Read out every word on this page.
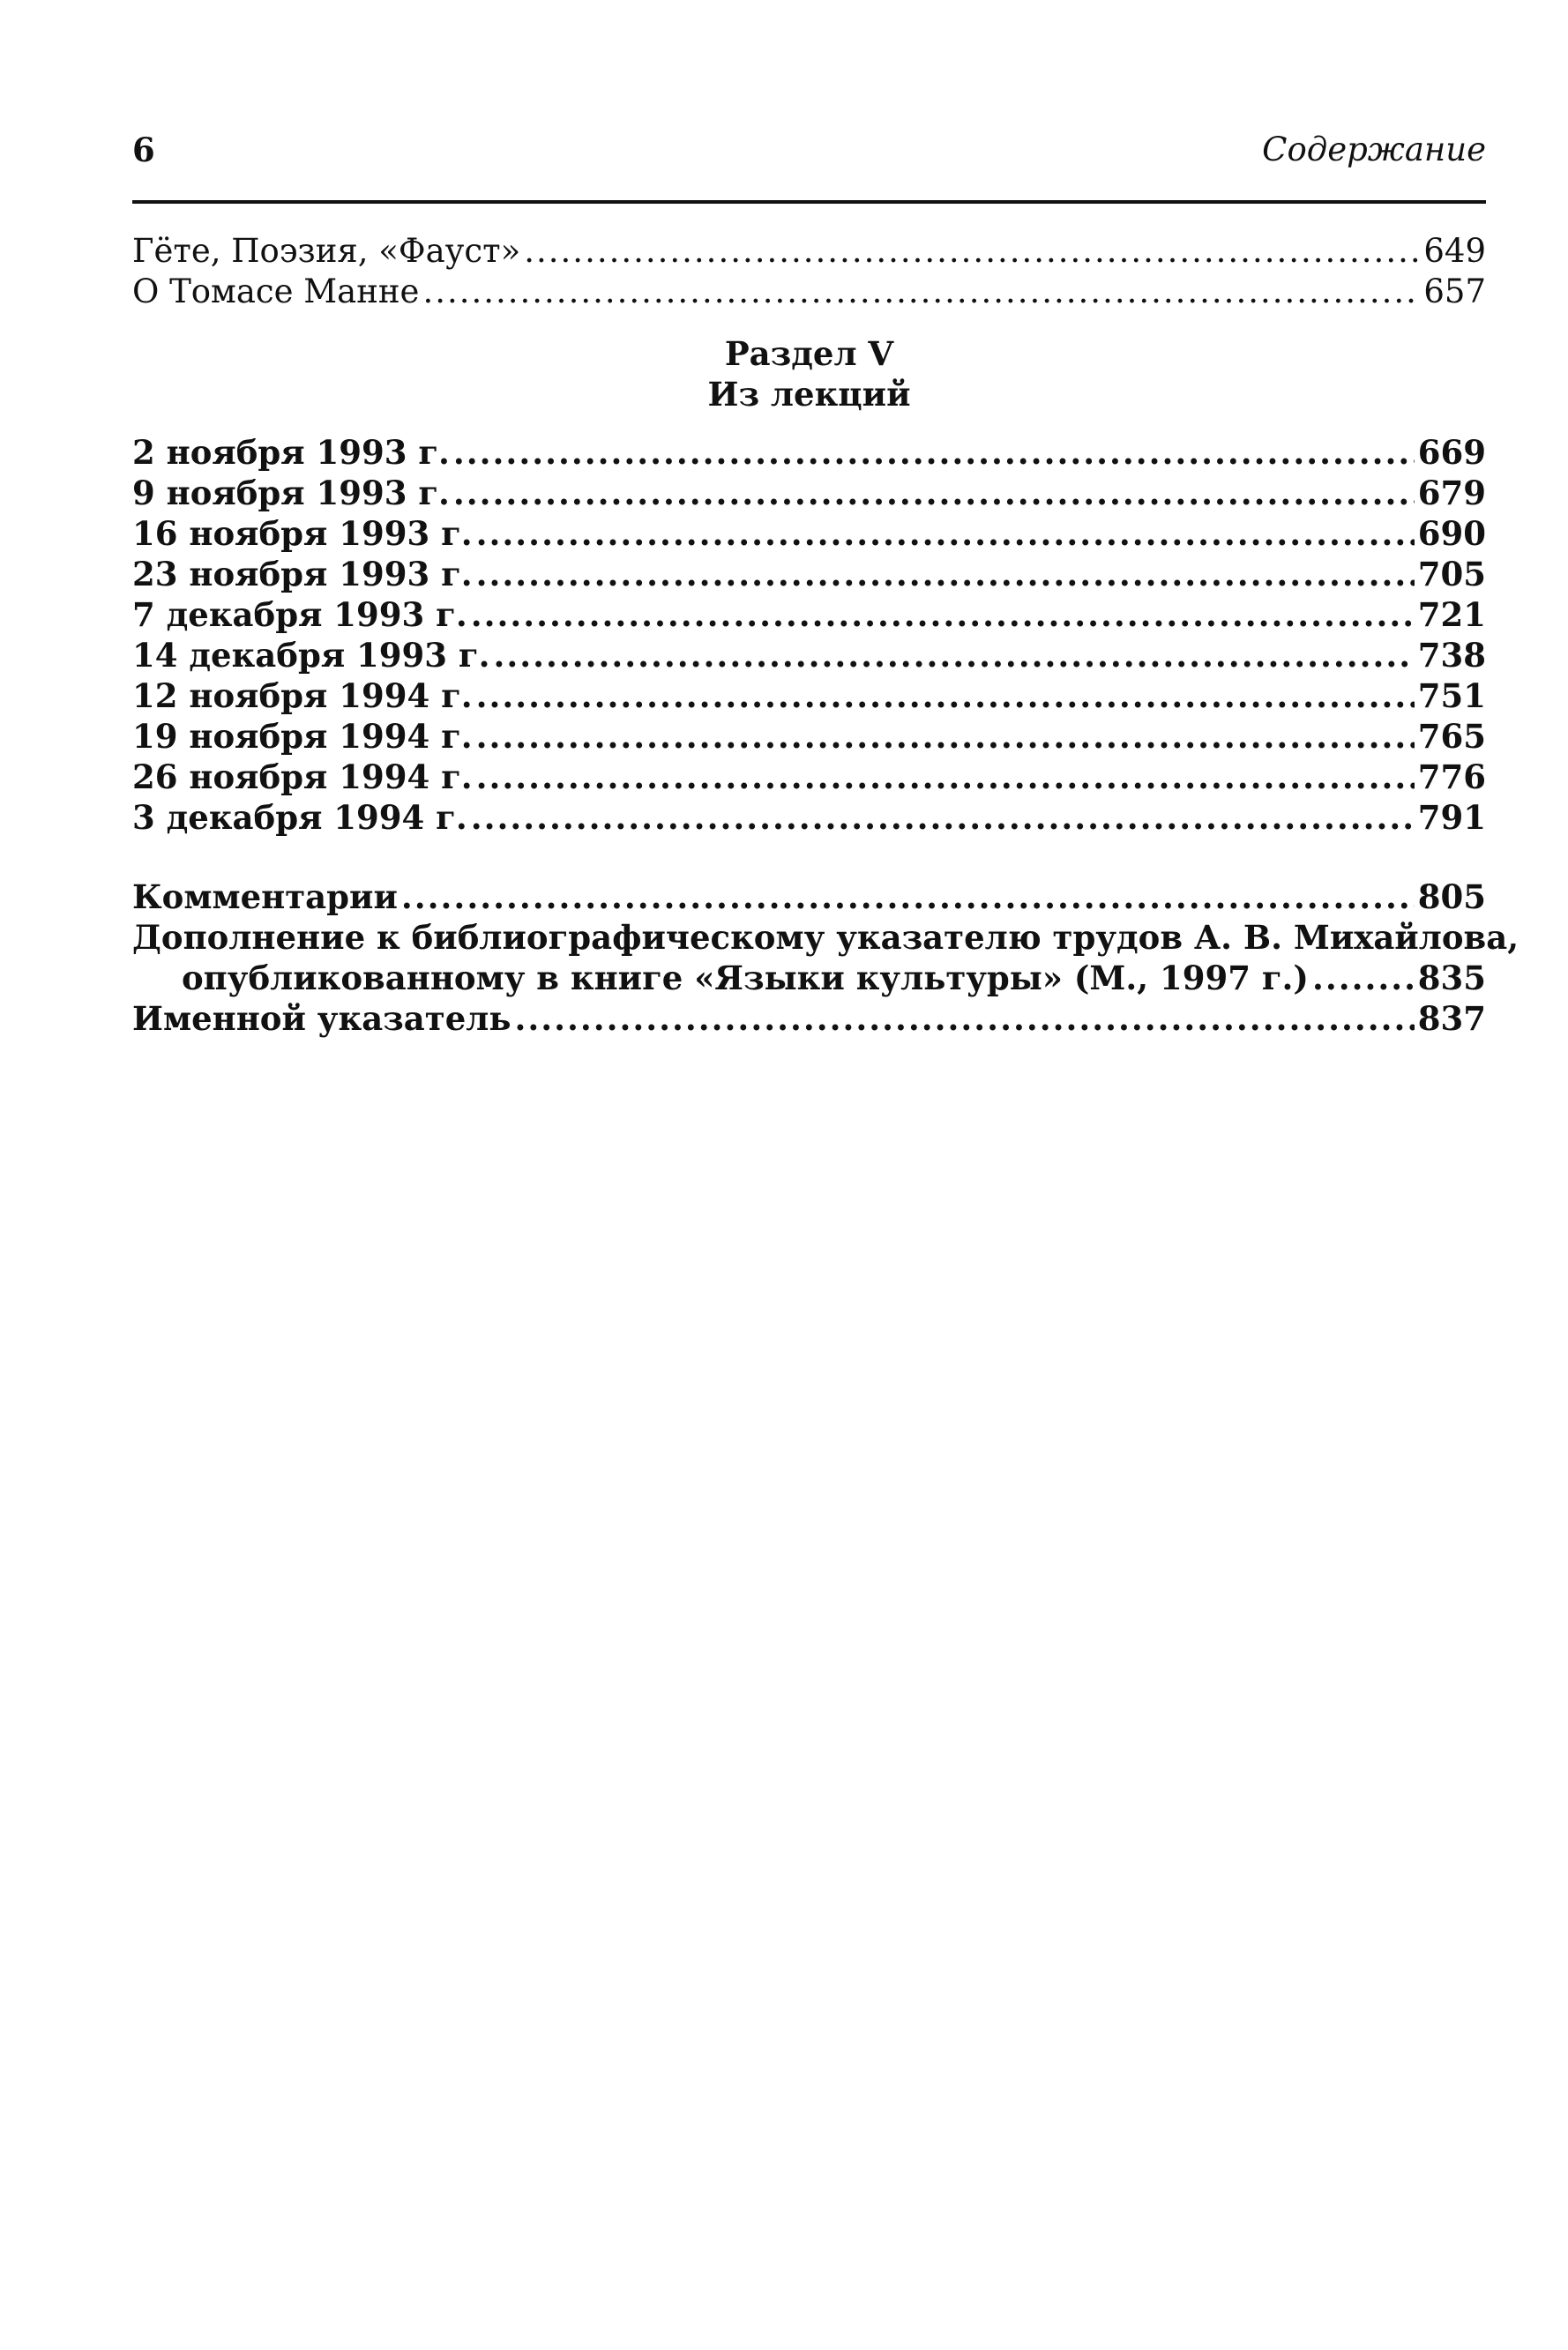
6	Содержание
Гёте, Поэзия, «Фауст» .....	649
О Томасе Манне .....	657
Раздел V
Из лекций
2 ноября 1993 г. .....	669
9 ноября 1993 г. .....	679
16 ноября 1993 г. .....	690
23 ноября 1993 г. .....	705
7 декабря 1993 г. .....	721
14 декабря 1993 г. .....	738
12 ноября 1994 г. .....	751
19 ноября 1994 г. .....	765
26 ноября 1994 г. .....	776
3 декабря 1994 г. .....	791
Комментарии .....	805
Дополнение к библиографическому указателю трудов А. В. Михайлова,
опубликованному в книге «Языки культуры» (М., 1997 г.) .....	835
Именной указатель .....	837
